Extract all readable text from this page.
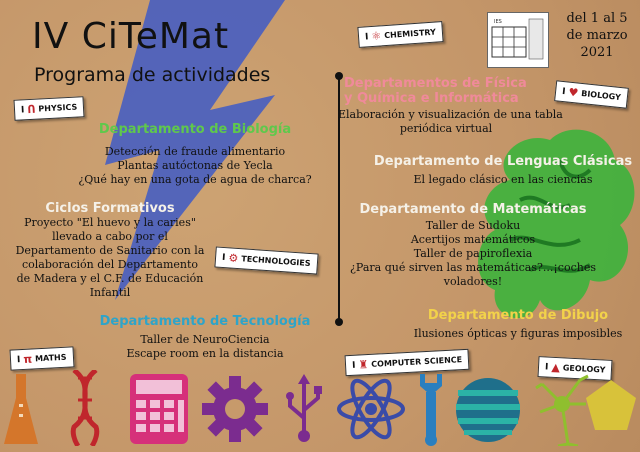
IV CiTeMat
Programa de actividades
IES	del 1 al 5
de marzo
2021
I Ո PHYSICS
I ⚛ CHEMISTRY
I ♥ BIOLOGY
I ⚙ TECHNOLOGIES
I π MATHS
I ♜ COMPUTER SCIENCE	I ▲ GEOLOGY
Departamento de Biología
Detección de fraude alimentario
Plantas autóctonas de Yecla
¿Qué hay en una gota de agua de charca?
Ciclos Formativos
Proyecto "El huevo y la caries"
llevado a cabo por el
Departamento de Sanitario con la
colaboración del Departamento
de Madera y el C.F. de Educación
Infantil
Departamento de Tecnología
Taller de NeuroCiencia
Escape room en la distancia
Departamentos de Física
y Química e Informática
Elaboración y visualización de una tabla
periódica virtual
Departamento de Lenguas Clásicas
El legado clásico en las ciencias
Departamento de Matemáticas
Taller de Sudoku
Acertijos matemáticos
Taller de papiroflexia
¿Para qué sirven las matemáticas?...¡coches
voladores!
Departamento de Dibujo
Ilusiones ópticas y figuras imposibles
